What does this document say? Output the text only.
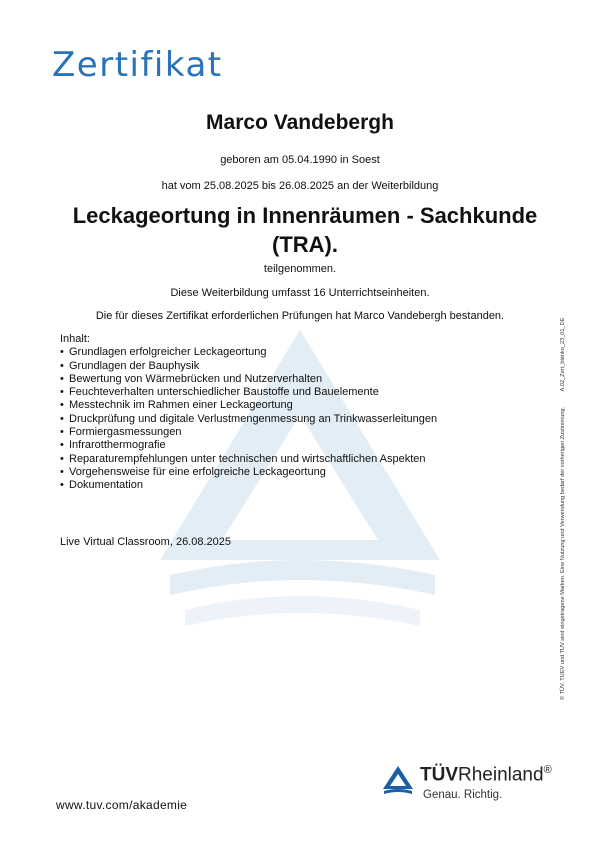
Zertifikat
Marco Vandebergh
geboren am 05.04.1990 in Soest
hat vom 25.08.2025 bis 26.08.2025 an der Weiterbildung
Leckageortung in Innenräumen - Sachkunde
(TRA).
teilgenommen.
Diese Weiterbildung umfasst 16 Unterrichtseinheiten.
Die für dieses Zertifikat erforderlichen Prüfungen hat Marco Vandebergh bestanden.
Inhalt:
• Grundlagen erfolgreicher Leckageortung
• Grundlagen der Bauphysik
• Bewertung von Wärmebrücken und Nutzerverhalten
• Feuchteverhalten unterschiedlicher Baustoffe und Bauelemente
• Messtechnik im Rahmen einer Leckageortung
• Druckprüfung und digitale Verlustmengenmessung an Trinkwasserleitungen
• Formiergasmessungen
• Infrarotthermografie
• Reparaturempfehlungen unter technischen und wirtschaftlichen Aspekten
• Vorgehensweise für eine erfolgreiche Leckageortung
• Dokumentation
Live Virtual Classroom, 26.08.2025	© TÜV, TUEV und TUV sind eingetragene Marken. Eine Nutzung und Verwendung bedarf der vorherigen Zustimmung. A.02_Zert_blanko_23_01_DE
www.tuv.com/akademie
TÜVRheinland®
Genau. Richtig.
